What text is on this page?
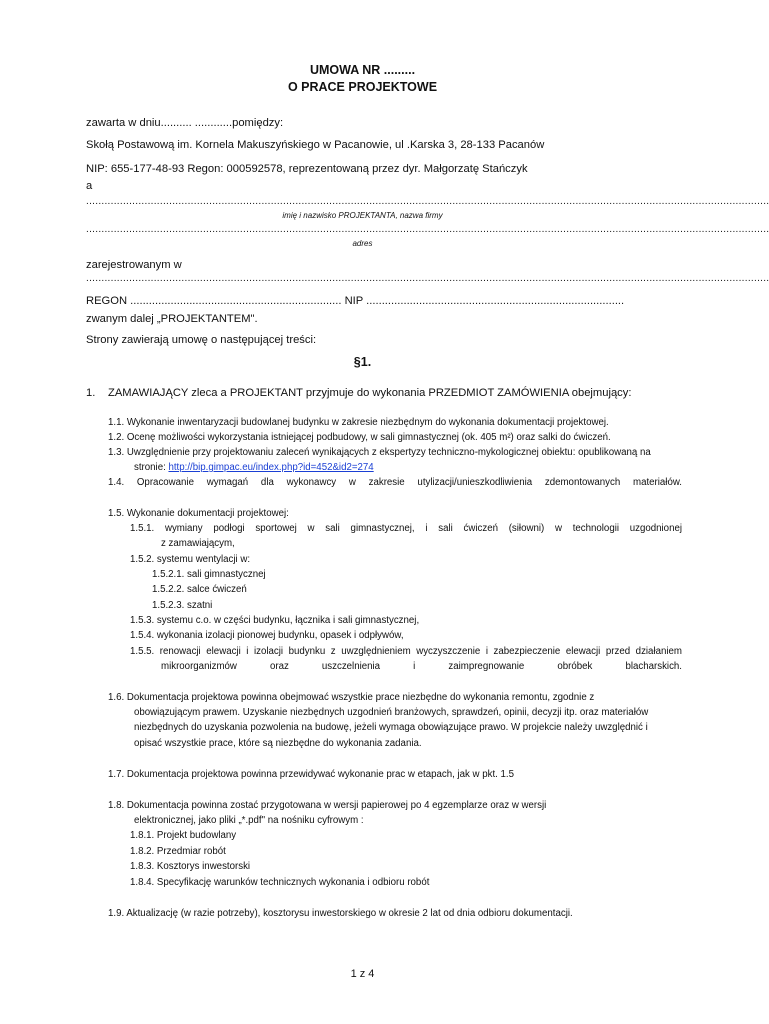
UMOWA NR .........
O PRACE PROJEKTOWE
zawarta w dniu.......... ............pomiędzy:
Skołą Postawową im. Kornela Makuszyńskiego w Pacanowie, ul .Karska 3, 28-133 Pacanów
NIP: 655-177-48-93 Regon: 000592578, reprezentowaną przez dyr. Małgorzatę Stańczyk
a
..............................................................................................................................................................................................................................
imię i nazwisko PROJEKTANTA, nazwa firmy
..............................................................................................................................................................................................................................
adres
zarejestrowanym w
..............................................................................................................................................................................................................................
REGON .................................................................... NIP ...................................................................................
zwanym dalej „PROJEKTANTEM".
Strony zawierają umowę o następującej treści:
§1.
1. ZAMAWIAJĄCY zleca a PROJEKTANT przyjmuje do wykonania PRZEDMIOT ZAMÓWIENIA obejmujący:
1.1. Wykonanie inwentaryzacji budowlanej budynku w zakresie niezbędnym do wykonania dokumentacji projektowej.
1.2. Ocenę możliwości wykorzystania istniejącej podbudowy, w sali gimnastycznej (ok. 405 m²) oraz salki do ćwiczeń.
1.3. Uwzględnienie przy projektowaniu zaleceń wynikających z ekspertyzy techniczno-mykologicznej obiektu: opublikowaną na
stronie: http://bip.gimpac.eu/index.php?id=452&id2=274
1.4. Opracowanie wymagań dla wykonawcy w zakresie utylizacji/unieszkodliwienia zdemontowanych materiałów.
1.5. Wykonanie dokumentacji projektowej:
1.5.1. wymiany podłogi sportowej w sali gimnastycznej, i sali ćwiczeń (siłowni) w technologii uzgodnionej
z zamawiającym,
1.5.2. systemu wentylacji w:
1.5.2.1. sali gimnastycznej
1.5.2.2. salce ćwiczeń
1.5.2.3. szatni
1.5.3. systemu c.o. w części budynku, łącznika i sali gimnastycznej,
1.5.4. wykonania izolacji pionowej budynku, opasek i odpływów,
1.5.5. renowacji elewacji i izolacji budynku z uwzględnieniem wyczyszczenie i zabezpieczenie elewacji przed działaniem
mikroorganizmów oraz uszczelnienia i zaimpregnowanie obróbek blacharskich.
1.6. Dokumentacja projektowa powinna obejmować wszystkie prace niezbędne do wykonania remontu, zgodnie z
obowiązującym prawem. Uzyskanie niezbędnych uzgodnień branżowych, sprawdzeń, opinii, decyzji itp. oraz materiałów
niezbędnych do uzyskania pozwolenia na budowę, jeżeli wymaga obowiązujące prawo. W projekcie należy uwzględnić i
opisać wszystkie prace, które są niezbędne do wykonania zadania.
1.7. Dokumentacja projektowa powinna przewidywać wykonanie prac w etapach, jak w pkt. 1.5
1.8. Dokumentacja powinna zostać przygotowana w wersji papierowej po 4 egzemplarze oraz w wersji
elektronicznej, jako pliki „*.pdf" na nośniku cyfrowym :
1.8.1. Projekt budowlany
1.8.2. Przedmiar robót
1.8.3. Kosztorys inwestorski
1.8.4. Specyfikację warunków technicznych wykonania i odbioru robót
1.9. Aktualizację (w razie potrzeby), kosztorysu inwestorskiego w okresie 2 lat od dnia odbioru dokumentacji.
1 z 4
